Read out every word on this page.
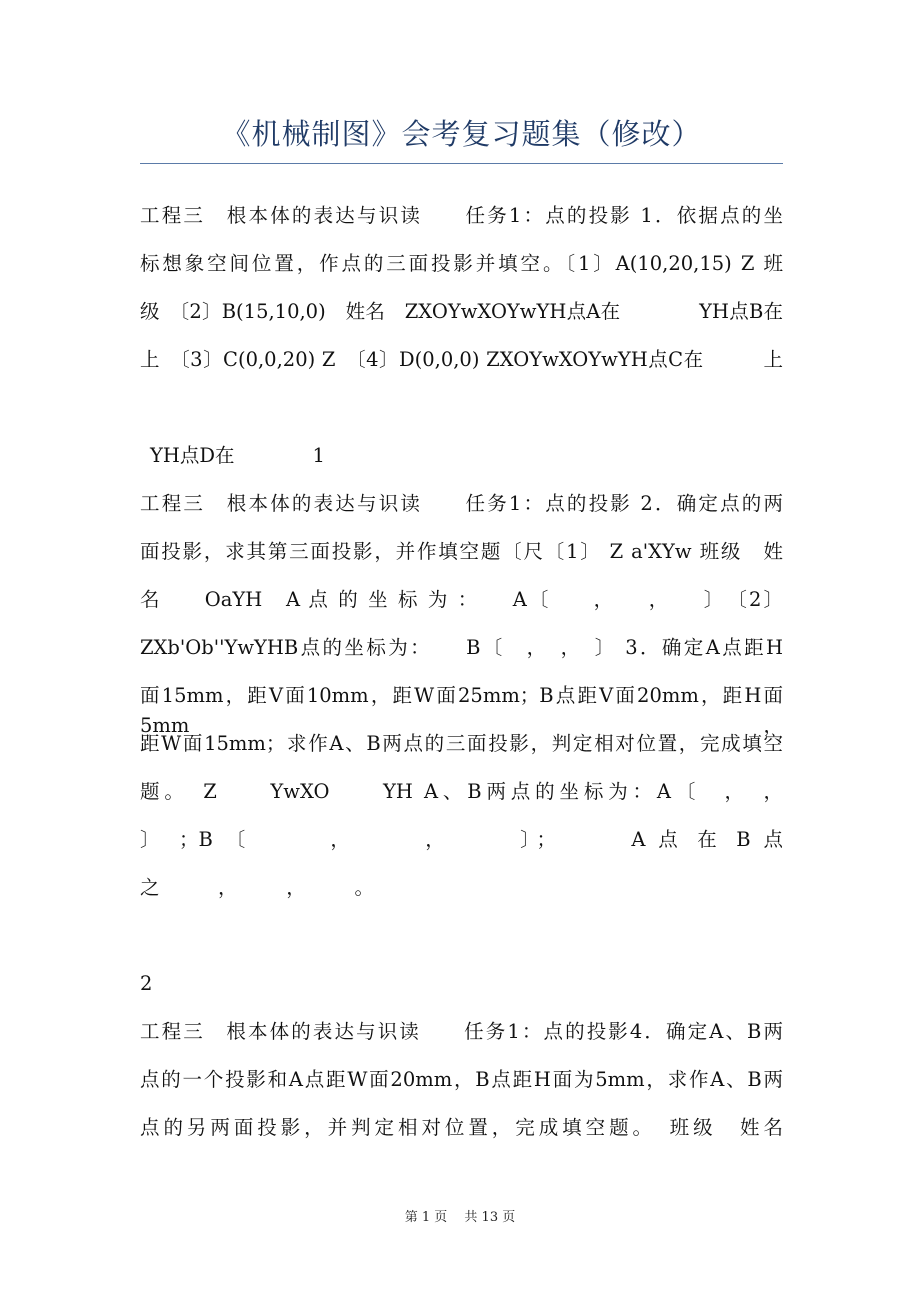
《机械制图》会考复习题集（修改）
工程三　根本体的表达与识读　　任务1：点的投影 1．依据点的坐
标想象空间位置，作点的三面投影并填空。〔1〕A(10,20,15) Z 班
级　〔2〕B(15,10,0)　姓名　ZXOYwXOYwYH点A在　　　　YH点B在
上　〔3〕C(0,0,20) Z　〔4〕D(0,0,0) ZXOYwXOYwYH点C在　　　上
YH点D在　　　　1
工程三　根本体的表达与识读　　任务1：点的投影 2．确定点的两
面投影，求其第三面投影，并作填空题〔尺〔1〕 Z a'XYw 班级　姓
名　　OaYH　A 点 的 坐 标 为 ：　　A〔　　，　　，　　〕　〔2〕
ZXb'Ob''YwYHB点的坐标为：　　B〔　，　，　〕 3．确定A点距H
面15mm，距V面10mm，距W面25mm；B点距V面20mm，距H面5mm，
距W面15mm；求作A、B两点的三面投影，判定相对位置，完成填空
题。　Z　　YwXO　　YH A、B两点的坐标为：A〔　，　，
〕 ；B 〔　　　，　　　，　　　〕；　　　A 点 在 B 点
之　　　，　　　，　　　。
2
工程三　根本体的表达与识读　　任务1：点的投影4．确定A、B两
点的一个投影和A点距W面20mm，B点距H面为5mm，求作A、B两
点的另两面投影，并判定相对位置，完成填空题。　班级　姓名
第 1 页　 共 13 页
